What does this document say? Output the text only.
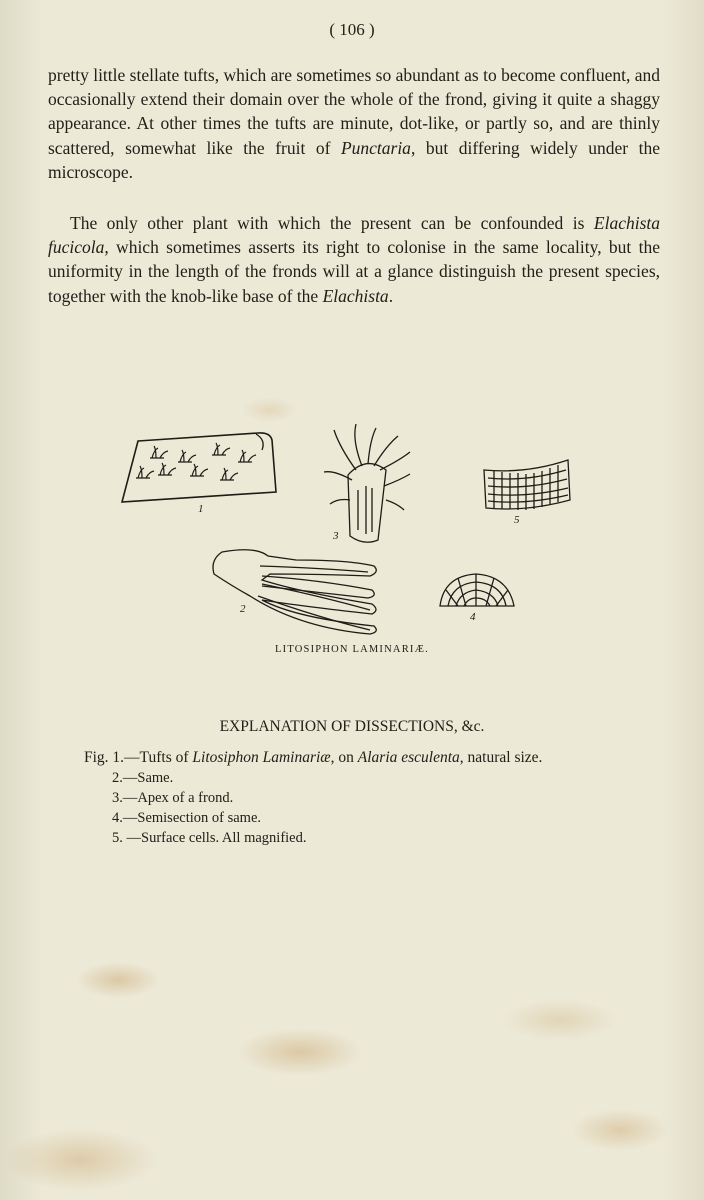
( 106 )
pretty little stellate tufts, which are sometimes so abundant as to become confluent, and occasionally extend their domain over the whole of the frond, giving it quite a shaggy appearance. At other times the tufts are minute, dot-like, or partly so, and are thinly scattered, somewhat like the fruit of Punctaria, but differing widely under the microscope.
The only other plant with which the present can be confounded is Elachista fucicola, which sometimes asserts its right to colonise in the same locality, but the uniformity in the length of the fronds will at a glance distinguish the present species, together with the knob-like base of the Elachista.
1
2
3
4
5
LITOSIPHON LAMINARIÆ.
EXPLANATION OF DISSECTIONS, &c.
Fig. 1.—Tufts of Litosiphon Laminariæ, on Alaria esculenta, natural size.
2.—Same.
3.—Apex of a frond.
4.—Semisection of same.
5. —Surface cells. All magnified.
